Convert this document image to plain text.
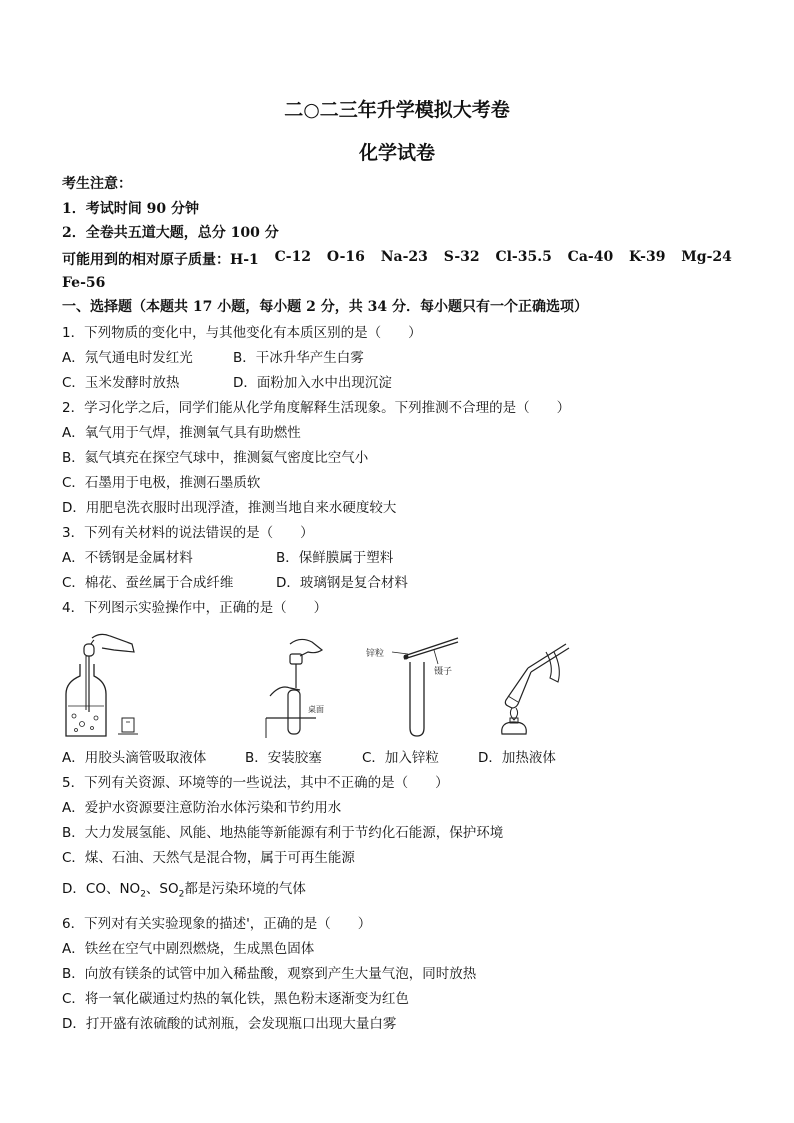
二○二三年升学模拟大考卷
化学试卷
考生注意：
1．考试时间 90 分钟
2．全卷共五道大题，总分 100 分
可能用到的相对原子质量：H-1 C-12 O-16 Na-23 S-32 Cl-35.5 Ca-40 K-39 Mg-24
Fe-56
一、选择题（本题共 17 小题，每小题 2 分，共 34 分．每小题只有一个正确选项）
1．下列物质的变化中，与其他变化有本质区别的是（　　）
A．氖气通电时发红光	B．干冰升华产生白雾
C．玉米发酵时放热	D．面粉加入水中出现沉淀
2．学习化学之后，同学们能从化学角度解释生活现象。下列推测不合理的是（　　）
A．氧气用于气焊，推测氧气具有助燃性
B．氦气填充在探空气球中，推测氦气密度比空气小
C．石墨用于电极，推测石墨质软
D．用肥皂洗衣服时出现浮渣，推测当地自来水硬度较大
3．下列有关材料的说法错误的是（　　）
A．不锈钢是金属材料	B．保鲜膜属于塑料
C．棉花、蚕丝属于合成纤维	D．玻璃钢是复合材料
4．下列图示实验操作中，正确的是（　　）
桌面
锌粒
镊子
A．用胶头滴管吸取液体	B．安装胶塞	C．加入锌粒	D．加热液体
5．下列有关资源、环境等的一些说法，其中不正确的是（　　）
A．爱护水资源要注意防治水体污染和节约用水
B．大力发展氢能、风能、地热能等新能源有利于节约化石能源，保护环境
C．煤、石油、天然气是混合物，属于可再生能源
D．CO、$NO_2$、$SO_2$都是污染环境的气体
6．下列对有关实验现象的描述'，正确的是（　　）
A．铁丝在空气中剧烈燃烧，生成黑色固体
B．向放有镁条的试管中加入稀盐酸，观察到产生大量气泡，同时放热
C．将一氧化碳通过灼热的氧化铁，黑色粉末逐渐变为红色
D．打开盛有浓硫酸的试剂瓶，会发现瓶口出现大量白雾
